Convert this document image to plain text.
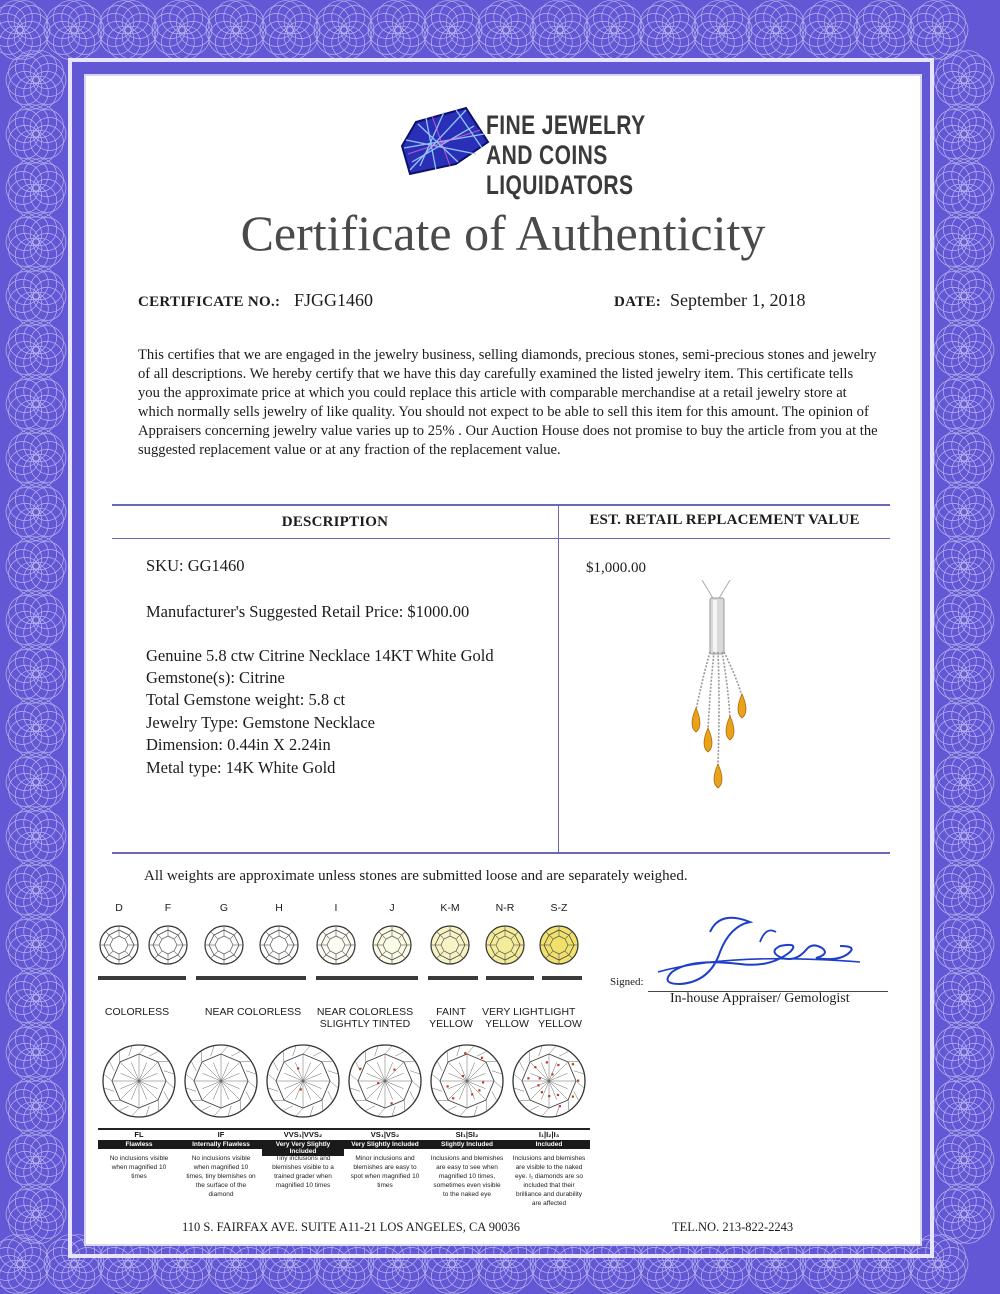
FINE JEWELRY
AND COINS
LIQUIDATORS
Certificate of Authenticity
CERTIFICATE NO.: FJGG1460	DATE: September 1, 2018
This certifies that we are engaged in the jewelry business, selling diamonds, precious stones, semi-precious stones and jewelry of all descriptions. We hereby certify that we have this day carefully examined the listed jewelry item. This certificate tells you the approximate price at which you could replace this article with comparable merchandise at a retail jewelry store at which normally sells jewelry of like quality. You should not expect to be able to sell this item for this amount. The opinion of Appraisers concerning jewelry value varies up to 25% . Our Auction House does not promise to buy the article from you at the suggested replacement value or at any fraction of the replacement value.
DESCRIPTION	EST. RETAIL REPLACEMENT VALUE
SKU: GG1460
Manufacturer's Suggested Retail Price: $1000.00
Genuine 5.8 ctw Citrine Necklace 14KT White Gold
Gemstone(s): Citrine
Total Gemstone weight: 5.8 ct
Jewelry Type: Gemstone Necklace
Dimension: 0.44in X 2.24in
Metal type: 14K White Gold
$1,000.00
All weights are approximate unless stones are submitted loose and are separately weighed.
D	F	G	H	I	J	K-M	N-R	S-Z
COLORLESS	NEAR COLORLESS	NEAR COLORLESS
SLIGHTLY TINTED
FAINT
YELLOW
VERY LIGHT
YELLOW
LIGHT
YELLOW
FL
Flawless
No inclusions visible
when magnified 10
times
IF
Internally Flawless
No inclusions visible
when magnified 10
times, tiny blemishes on
the surface of the
diamond
VVS₁|VVS₂
Very Very Slightly Included
Tiny inclusions and
blemishes visible to a
trained grader when
magnified 10 times
VS₁|VS₂
Very Slightly Included
Minor inclusions and
blemishes are easy to
spot when magnified 10
times
SI₁|SI₂
Slightly Included
Inclusions and blemishes
are easy to see when
magnified 10 times,
sometimes even visible
to the naked eye
I₁|I₂|I₃
Included
Inclusions and blemishes
are visible to the naked
eye. I₁ diamonds are so
included that their
brilliance and durability
are affected
Signed:
In-house Appraiser/ Gemologist
110 S. FAIRFAX AVE. SUITE A11-21 LOS ANGELES, CA 90036	TEL.NO. 213-822-2243
